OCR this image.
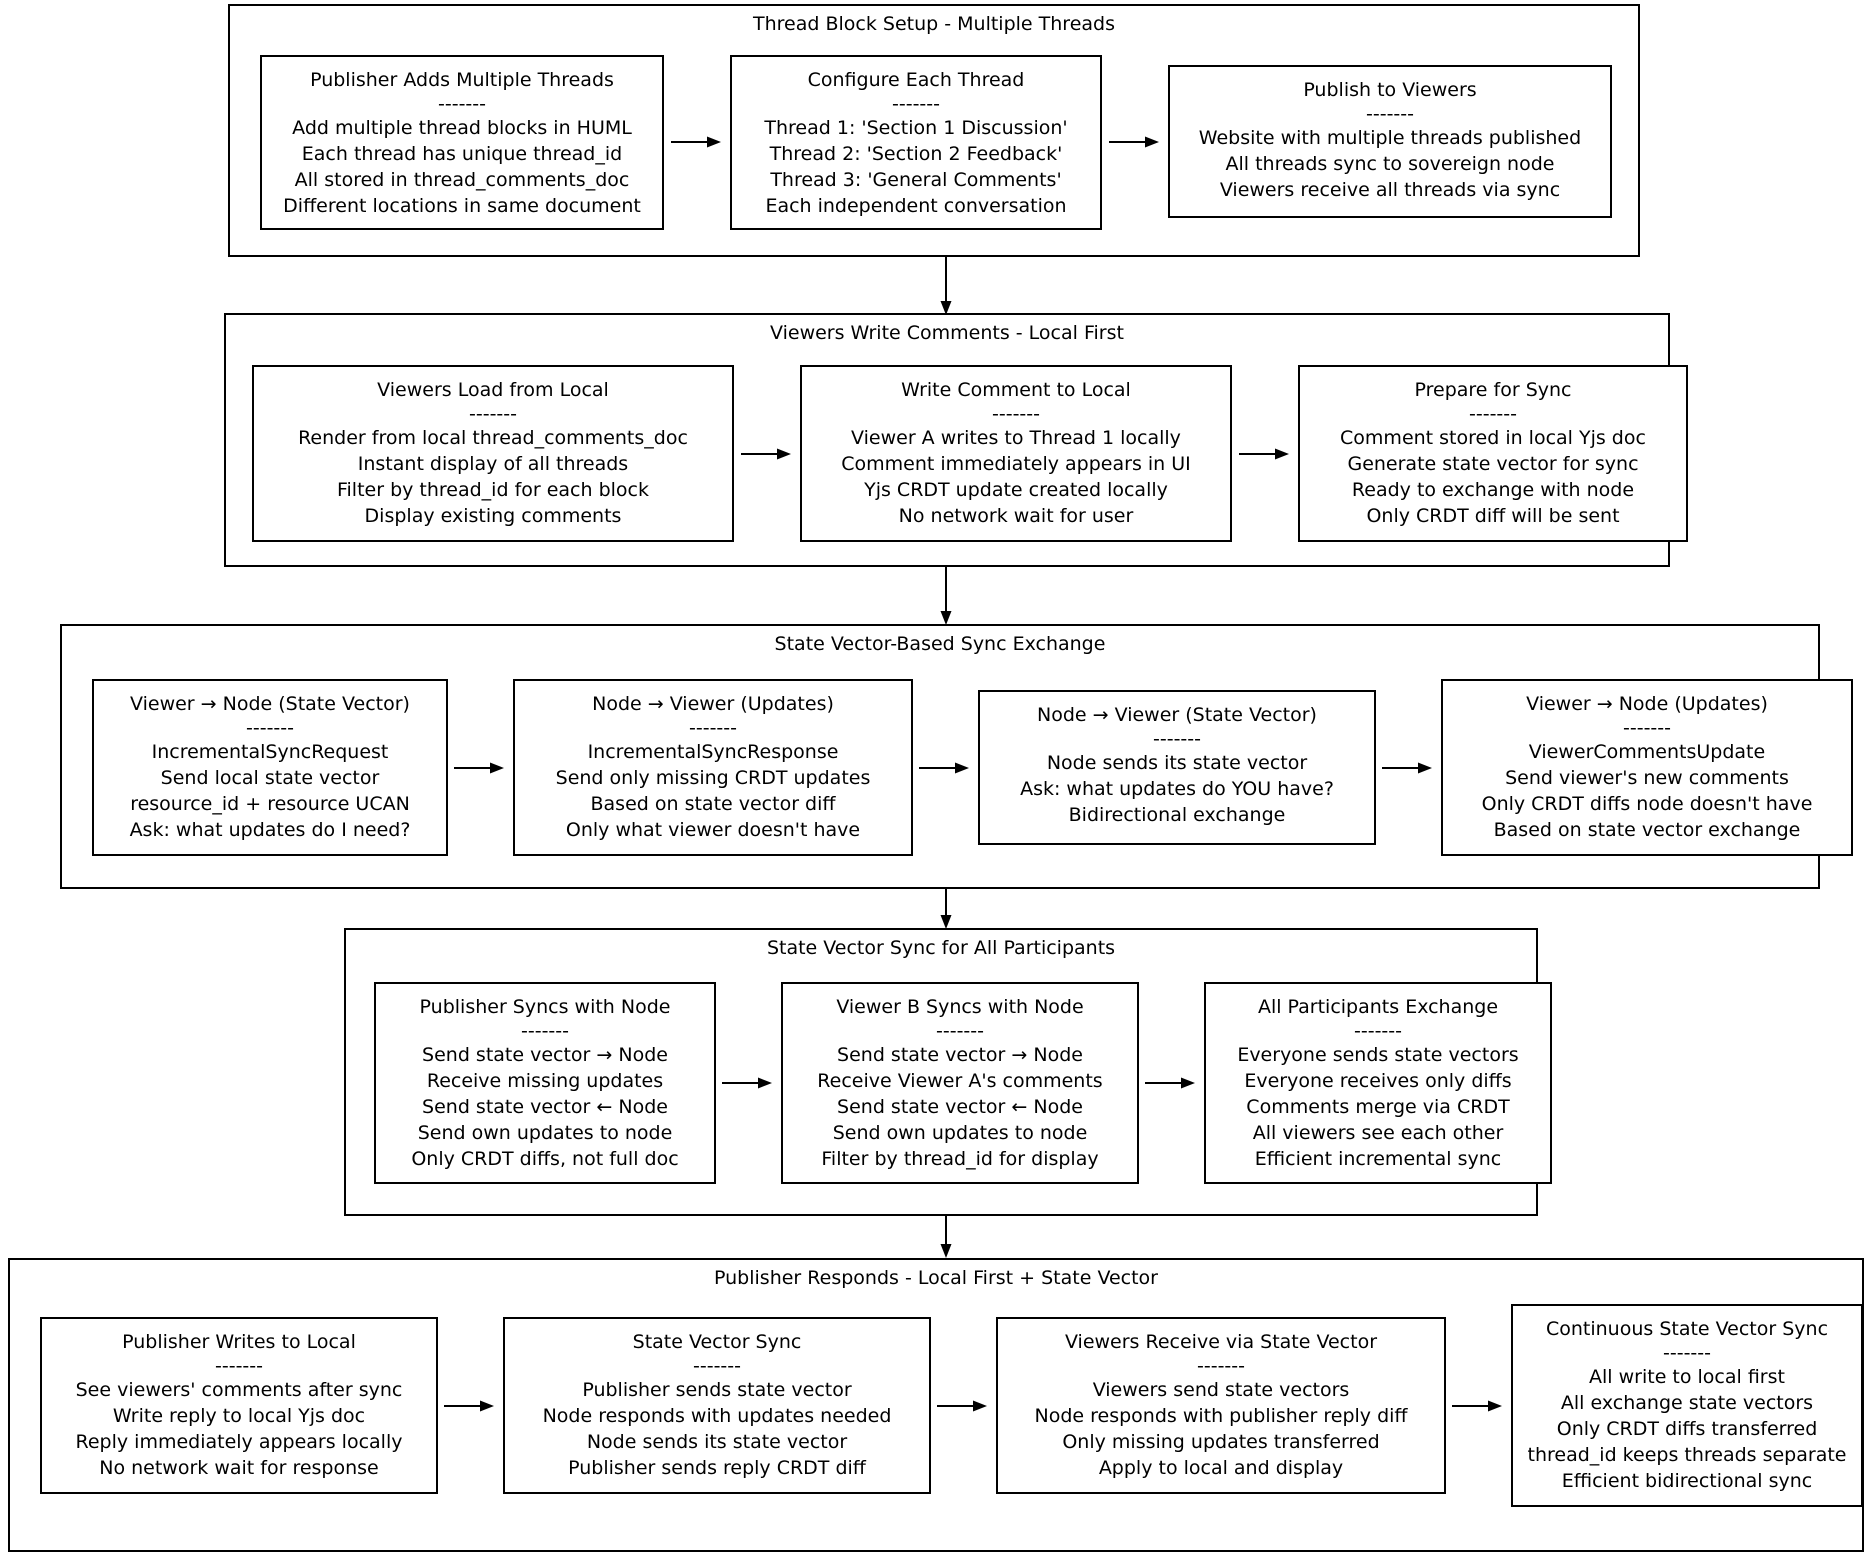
Thread Block Setup - Multiple Threads
Publisher Adds Multiple Threads
-------
Add multiple thread blocks in HUML
Each thread has unique thread_id
All stored in thread_comments_doc
Different locations in same document
Configure Each Thread
-------
Thread 1: 'Section 1 Discussion'
Thread 2: 'Section 2 Feedback'
Thread 3: 'General Comments'
Each independent conversation
Publish to Viewers
-------
Website with multiple threads published
All threads sync to sovereign node
Viewers receive all threads via sync
Viewers Write Comments - Local First
Viewers Load from Local
-------
Render from local thread_comments_doc
Instant display of all threads
Filter by thread_id for each block
Display existing comments
Write Comment to Local
-------
Viewer A writes to Thread 1 locally
Comment immediately appears in UI
Yjs CRDT update created locally
No network wait for user
Prepare for Sync
-------
Comment stored in local Yjs doc
Generate state vector for sync
Ready to exchange with node
Only CRDT diff will be sent
State Vector-Based Sync Exchange
Viewer → Node (State Vector)
-------
IncrementalSyncRequest
Send local state vector
resource_id + resource UCAN
Ask: what updates do I need?
Node → Viewer (Updates)
-------
IncrementalSyncResponse
Send only missing CRDT updates
Based on state vector diff
Only what viewer doesn't have
Node → Viewer (State Vector)
-------
Node sends its state vector
Ask: what updates do YOU have?
Bidirectional exchange
Viewer → Node (Updates)
-------
ViewerCommentsUpdate
Send viewer's new comments
Only CRDT diffs node doesn't have
Based on state vector exchange
State Vector Sync for All Participants
Publisher Syncs with Node
-------
Send state vector → Node
Receive missing updates
Send state vector ← Node
Send own updates to node
Only CRDT diffs, not full doc
Viewer B Syncs with Node
-------
Send state vector → Node
Receive Viewer A's comments
Send state vector ← Node
Send own updates to node
Filter by thread_id for display
All Participants Exchange
-------
Everyone sends state vectors
Everyone receives only diffs
Comments merge via CRDT
All viewers see each other
Efficient incremental sync
Publisher Responds - Local First + State Vector
Publisher Writes to Local
-------
See viewers' comments after sync
Write reply to local Yjs doc
Reply immediately appears locally
No network wait for response
State Vector Sync
-------
Publisher sends state vector
Node responds with updates needed
Node sends its state vector
Publisher sends reply CRDT diff
Viewers Receive via State Vector
-------
Viewers send state vectors
Node responds with publisher reply diff
Only missing updates transferred
Apply to local and display
Continuous State Vector Sync
-------
All write to local first
All exchange state vectors
Only CRDT diffs transferred
thread_id keeps threads separate
Efficient bidirectional sync
